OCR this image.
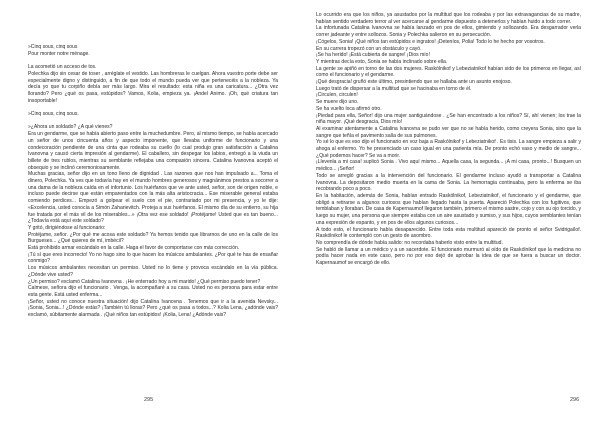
»Cinq sous, cinq sous

Pour monter notre ménage.

La acometió un acceso de tos.

Polechka dijo sin cesar de toser , arréglate el vestido. Las hombreras le cuelgan. Ahora vuestro porte debe ser especialmente digno y distinguido, a fin de que todo el mundo pueda ver que pertenecéis a la nobleza. Ya decía yo que tu corpiño debía ser más largo. Mira el resultado: esta niña es una caricatura... ¿Otra vez llorando? Pero ¿qué os pasa, estúpidos? Vamos, Kolia, empieza ya. ¡Andel Animo. ¡Oh, qué criatura tan insoportable!

»Cinq sous, cinq sous.

»¿Ahora un soldado? ¿A qué vienes?

Era un gendarme, que se había abierto paso entre la muchedumbre. Pero, al mismo tiempo, se había acercado un señor de unos cincuenta años y aspecto imponente, que llevaba uniforme de funcionario y una condecoración pendiente de una cinta que rodeaba su cuello (lo cual produjo gran satisfacción a Catalina Ivanovna y causó cierta impresión al gendarme). El caballero, sin despegar los labios, entregó a la viuda un billete de tres rublos, mientras su semblante reflejaba una compasión sincera. Catalina Ivanovna aceptó el obsequio y se inclinó ceremoniosamente.

Muchas gracias, señor dijo en un tono lleno de dignidad . Las razones que nos han impulsado a... Toma el dinero, Polechka. Ya ves que todavía hay en el mundo hombres generosos y magnánimos prestos a socorrer a una dama de la nobleza caída en el infortunio. Los huérfanos que ve ante usted, señor, son de origen noble, e incluso puede decirse que están emparentados con la más alta aristocracia... Ese miserable general estaba comiendo perdices... Empezó a golpear el suelo con el pie, contrariado por mi presencia, y yo le dije: «Excelencia, usted conocía a Simón Zaharievitch. Proteja a sus huérfanos. El mismo día de su entierro, su hija fue tratada por el más vil de los miserables...» ¡Otra vez ese soldado! ¡Protéjame! Usted que es tan bueno... ¿Todavía está aquí este soldado?

Y gritó, dirigiéndose al funcionario:

Protéjame, señor. ¿Por qué me acosa este soldado? Ya hemos tenido que librarnos de uno en la calle de los Burgueses... ¿Qué quieres de mí, imbécil?

Está prohibido armar escándalo en la calle. Haga el favor de comportarse con más corrección.

¡Tú sí que eres incorrecto! Yo no hago sino lo que hacen los músicos ambulantes. ¿Por qué te has de ensañar conmigo?

Los músicos ambulantes necesitan un permiso. Usted no lo tiene y provoca escándalo en la vía pública. ¿Dónde vive usted?

¿Un permiso? exclamó Catalina Ivanovna . ¡He enterrado hoy a mi marido! ¿Qué permiso puedo tener?

Calmese, señora dijo el funcionario . Venga, la acompañaré a su casa. Usted no es persona para estar entre esta gente. Está usted enferma...

¡Señor, usted no conoce nuestra situación! dijo Catalina Ivanovna . Tenemos que ir a la avenida Nevsky... ¡Sonia, Sonia...! ¿Dónde estás? ¡También tú lloras? Pero ¿qué os pasa a todos...? Kolia Lena, ¿adónde vais? exclamó, súbitamente alarmada . ¡Qué niños tan estúpidos! ¡Kolia, Lena! ¿Adónde vais?

295

Lo ocurrido era que los niños, ya asustados por la multitud que los rodeaba y por las extravagancias de su madre, habían sentido verdadero terror al ver acercarse al gendarme dispuesto a detenerlos y habían huido a todo correr.

La infortunada Catalina Ivanovna se había lanzado en pos de ellos, gimiendo y sollozando. Era desgarrador verla correr jadeante y entre sollozos. Sonia y Polechka salieron en su persecución.

¡Cógelos, Sonia! ¡Qué niños tan estúpidos e ingratos! ¡Deteníos, Polia! Todo lo he hecho por vosotros.

En su carrera tropezó con un obstáculo y cayó.

¡Se ha herido! ¡Está cubierta de sangre! ¡Dios mío!

Y mientras decía esto, Sonia se había inclinado sobre ella.

La gente se apiñó en torno de las dos mujeres. Raskólnikof y Lebeziatnikof habían sido de los primeros en llegar, así como el funcionario y el gendarme.

¡Qué desgracia! gruñó este último, presintiendo que se hallaba ante un asunto enojoso.

Luego trató de dispersar a la multitud que se hacinaba en torno de él.

¡Circulen, circulen!

Se muere dijo uno.

Se ha vuelto loca afirmó otro.

¡Piedad para ella, Señor! dijo una mujer santiguándose . ¿Se han encontrado a los niños? Sí, ahí vienen; los trae la niña mayor. ¡Qué desgracia, Dios mío!

Al examinar atentamente a Catalina Ivanovna se pudo ver que no se había herido, como creyera Sonia, sino que la sangre que teñía el pavimento salía de sus pulmones.

Yo sé lo que es eso dijo el funcionario en voz baja a Raskólnikof y Lebeziatnikof . Es tisis. La sangre empieza a salir y ahoga al enfermo. Yo he presenciado un caso igual en una parienta mía. De pronto echó vaso y medio de sangre... ¿Qué podemos hacer? Se va a morir.

¡Llevenla a mi casa! suplicó Sonia . Vivo aquí mismo... Aquella casa, la segunda... ¡A mi casa, pronto...! Busquen un médico... ¡Señor!

Todo se arregló gracias a la intervención del funcionario. El gendarme incluso ayudó a transportar a Catalina Ivanovna. La depositaron medio muerta en la cama de Sonia. La hemorragia continuaba, pero la enferma se iba recobrando poco a poco.

En la habitación, además de Sonia, habían entrado Raskólnikof, Lebeziatnikof, el funcionario y el gendarme, que obligó a retirarse a algunos curiosos que habían llegado hasta la puerta. Apareció Polechka con los fugitivos, que temblaban y lloraban. De casa de Kapernaumof llegaron también, primero el mismo sastre, cojo y con su ojo torcido, y luego su mujer, una persona que siempre estaba con un aire asustado y sumiso, y sus hijos, cuyos semblantes tenían una expresión de espanto, y en pos de ellos algunos curiosos...

A todo esto, el funcionario había desaparecido. Entre toda esta multitud apareció de pronto el señor Svidrigaïlof. Raskólnikof le contempló con un gesto de asombro.

No comprendía de dónde había salido: no recordaba haberlo visto entre la multitud.

Se habló de llamar a un médico y a un sacerdote. El funcionario murmuró al oído de Raskólnikof que la medicina no podía hacer nada en este caso, pero no por eso dejó de aprobar la idea de que se fuera a buscar un doctor. Kapernaumof se encargó de ello.

296
